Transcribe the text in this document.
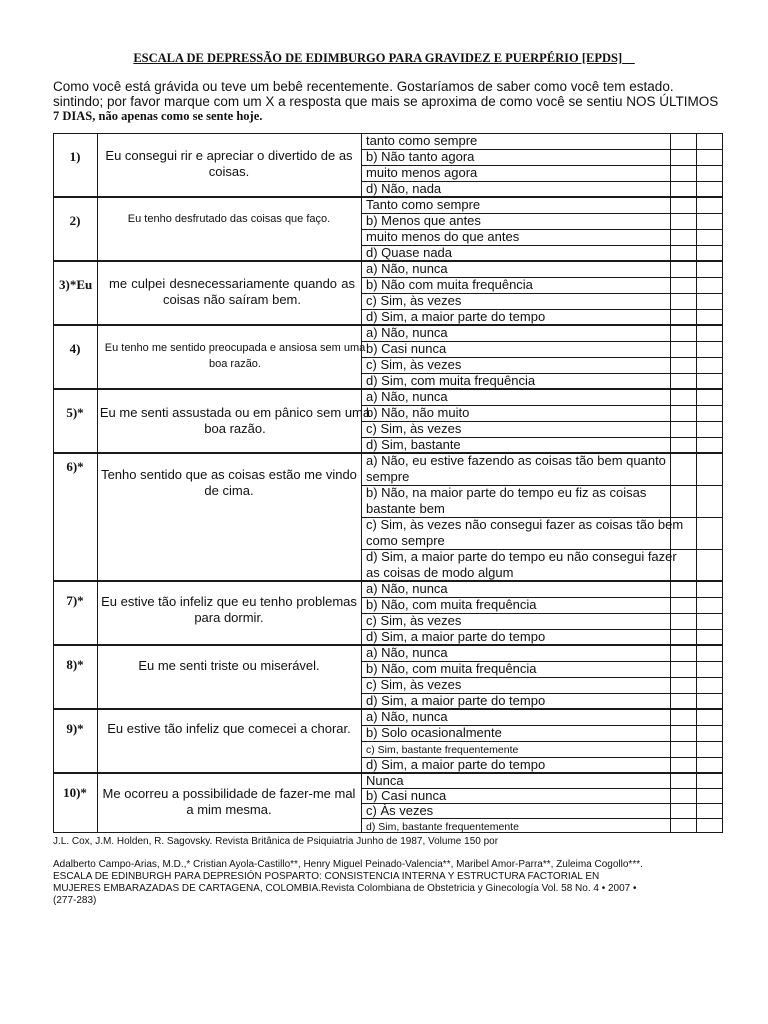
ESCALA DE DEPRESSÃO DE EDIMBURGO PARA GRAVIDEZ E PUERPÉRIO [EPDS]__
Como você está grávida ou teve um bebê recentemente. Gostaríamos de saber como você tem estado.
sintindo; por favor marque com um X a resposta que mais se aproxima de como você se sentiu NOS ÚLTIMOS
7 DIAS, não apenas como se sente hoje.
1)	Eu consegui rir e apreciar o divertido de as coisas.
tanto como sempre
b) Não tanto agora
muito menos agora
d) Não, nada
2)	Eu tenho desfrutado das coisas que faço.
Tanto como sempre
b) Menos que antes
muito menos do que antes
d) Quase nada
3)*Eu	me culpei desnecessariamente quando as coisas não saíram bem.
a) Não, nunca
b) Não com muita frequência
c) Sim, às vezes
d) Sim, a maior parte do tempo
4)	Eu tenho me sentido preocupada e ansiosa sem uma boa razão.
a) Não, nunca
b) Casi nunca
c) Sim, às vezes
d) Sim, com muita frequência
5)*	Eu me senti assustada ou em pânico sem uma boa razão.
a) Não, nunca
b) Não, não muito
c) Sim, às vezes
d) Sim, bastante
6)*
Tenho sentido que as coisas estão me vindo de cima.
a) Não, eu estive fazendo as coisas tão bem quanto
sempre
b) Não, na maior parte do tempo eu fiz as coisas
bastante bem
c) Sim, às vezes não consegui fazer as coisas tão bem
como sempre
d) Sim, a maior parte do tempo eu não consegui fazer
as coisas de modo algum
7)*	Eu estive tão infeliz que eu tenho problemas para dormir.
a) Não, nunca
b) Não, com muita frequência
c) Sim, às vezes
d) Sim, a maior parte do tempo
8)*	Eu me senti triste ou miserável.
a) Não, nunca
b) Não, com muita frequência
c) Sim, às vezes
d) Sim, a maior parte do tempo
9)*	Eu estive tão infeliz que comecei a chorar.
a) Não, nunca
b) Solo ocasionalmente
c) Sim, bastante frequentemente
d) Sim, a maior parte do tempo
10)*	Me ocorreu a possibilidade de fazer-me mal a mim mesma.
Nunca
b) Casi nunca
c) Às vezes
d) Sim, bastante frequentemente
J.L. Cox, J.M. Holden, R. Sagovsky. Revista Britânica de Psiquiatria Junho de 1987, Volume 150 por
Adalberto Campo-Arias, M.D.,* Cristian Ayola-Castillo**, Henry Miguel Peinado-Valencia**, Maribel Amor-Parra**, Zuleima Cogollo***.
ESCALA DE EDINBURGH PARA DEPRESIÓN POSPARTO: CONSISTENCIA INTERNA Y ESTRUCTURA FACTORIAL EN
MUJERES EMBARAZADAS DE CARTAGENA, COLOMBIA.Revista Colombiana de Obstetricia y Ginecología Vol. 58 No. 4 • 2007 •
(277-283)
